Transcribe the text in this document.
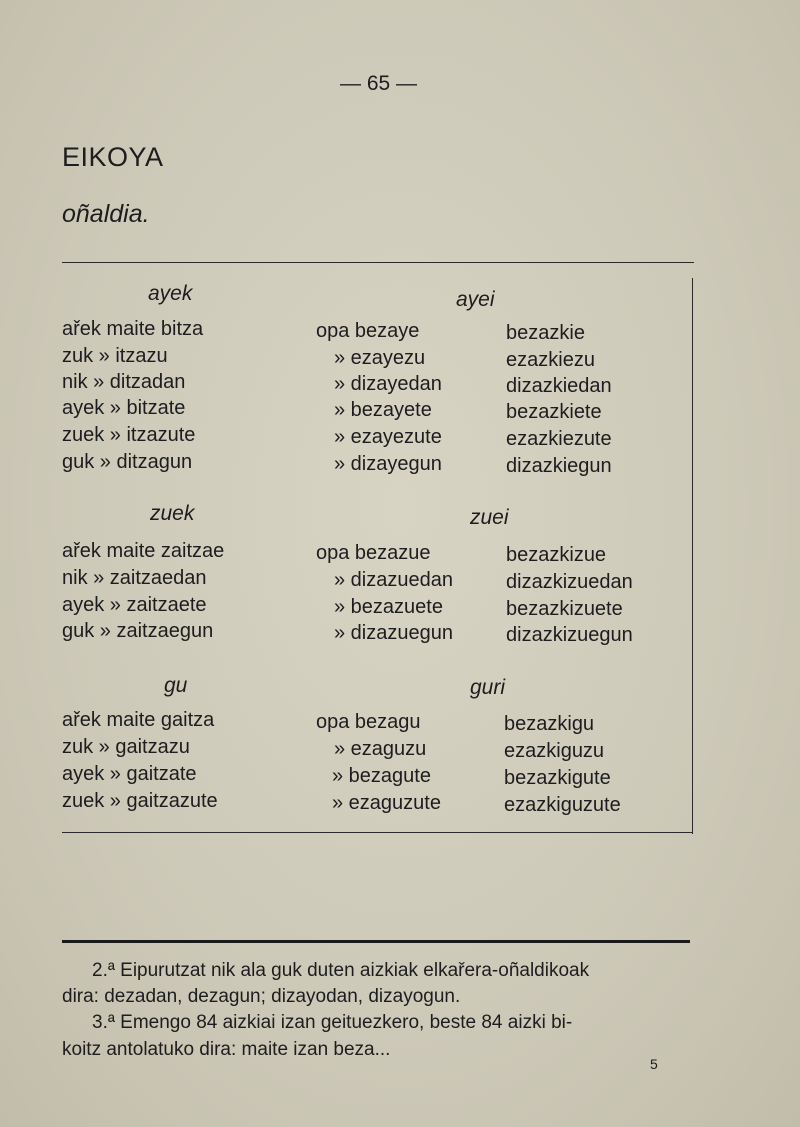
— 65 —
EIKOYA
oñaldia.
ayek	ayei
ařek maite bitza	opa bezaye	bezazkie
zuk » itzazu	» ezayezu	ezazkiezu
nik » ditzadan	» dizayedan	dizazkiedan
ayek » bitzate	» bezayete	bezazkiete
zuek » itzazute	» ezayezute	ezazkiezute
guk » ditzagun	» dizayegun	dizazkiegun
zuek	zuei
ařek maite zaitzae	opa bezazue	bezazkizue
nik » zaitzaedan	» dizazuedan	dizazkizuedan
ayek » zaitzaete	» bezazuete	bezazkizuete
guk » zaitzaegun	» dizazuegun	dizazkizuegun
gu	guri
ařek maite gaitza	opa bezagu	bezazkigu
zuk » gaitzazu	» ezaguzu	ezazkiguzu
ayek » gaitzate	» bezagute	bezazkigute
zuek » gaitzazute	» ezaguzute	ezazkiguzute
2.ª Eipurutzat nik ala guk duten aizkiak elkařera-oñaldikoak
dira: dezadan, dezagun; dizayodan, dizayogun.
3.ª Emengo 84 aizkiai izan geituezkero, beste 84 aizki bi-
koitz antolatuko dira: maite izan beza...
5
